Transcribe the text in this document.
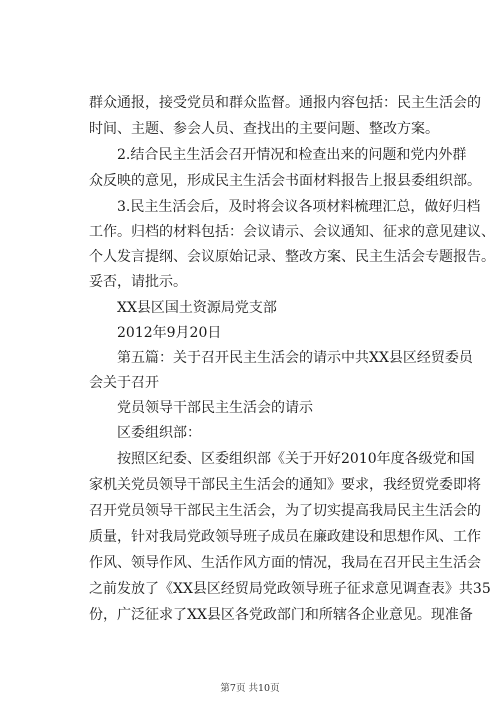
群众通报，接受党员和群众监督。通报内容包括：民主生活会的
时间、主题、参会人员、查找出的主要问题、整改方案。
2.结合民主生活会召开情况和检查出来的问题和党内外群
众反映的意见，形成民主生活会书面材料报告上报县委组织部。
3.民主生活会后，及时将会议各项材料梳理汇总，做好归档
工作。归档的材料包括：会议请示、会议通知、征求的意见建议、
个人发言提纲、会议原始记录、整改方案、民主生活会专题报告。
妥否，请批示。
XX县区国土资源局党支部
2012年9月20日
第五篇：关于召开民主生活会的请示中共XX县区经贸委员
会关于召开
党员领导干部民主生活会的请示
区委组织部：
按照区纪委、区委组织部《关于开好2010年度各级党和国
家机关党员领导干部民主生活会的通知》要求，我经贸党委即将
召开党员领导干部民主生活会，为了切实提高我局民主生活会的
质量，针对我局党政领导班子成员在廉政建设和思想作风、工作
作风、领导作风、生活作风方面的情况，我局在召开民主生活会
之前发放了《XX县区经贸局党政领导班子征求意见调查表》共35
份，广泛征求了XX县区各党政部门和所辖各企业意见。现准备
第7页 共10页
